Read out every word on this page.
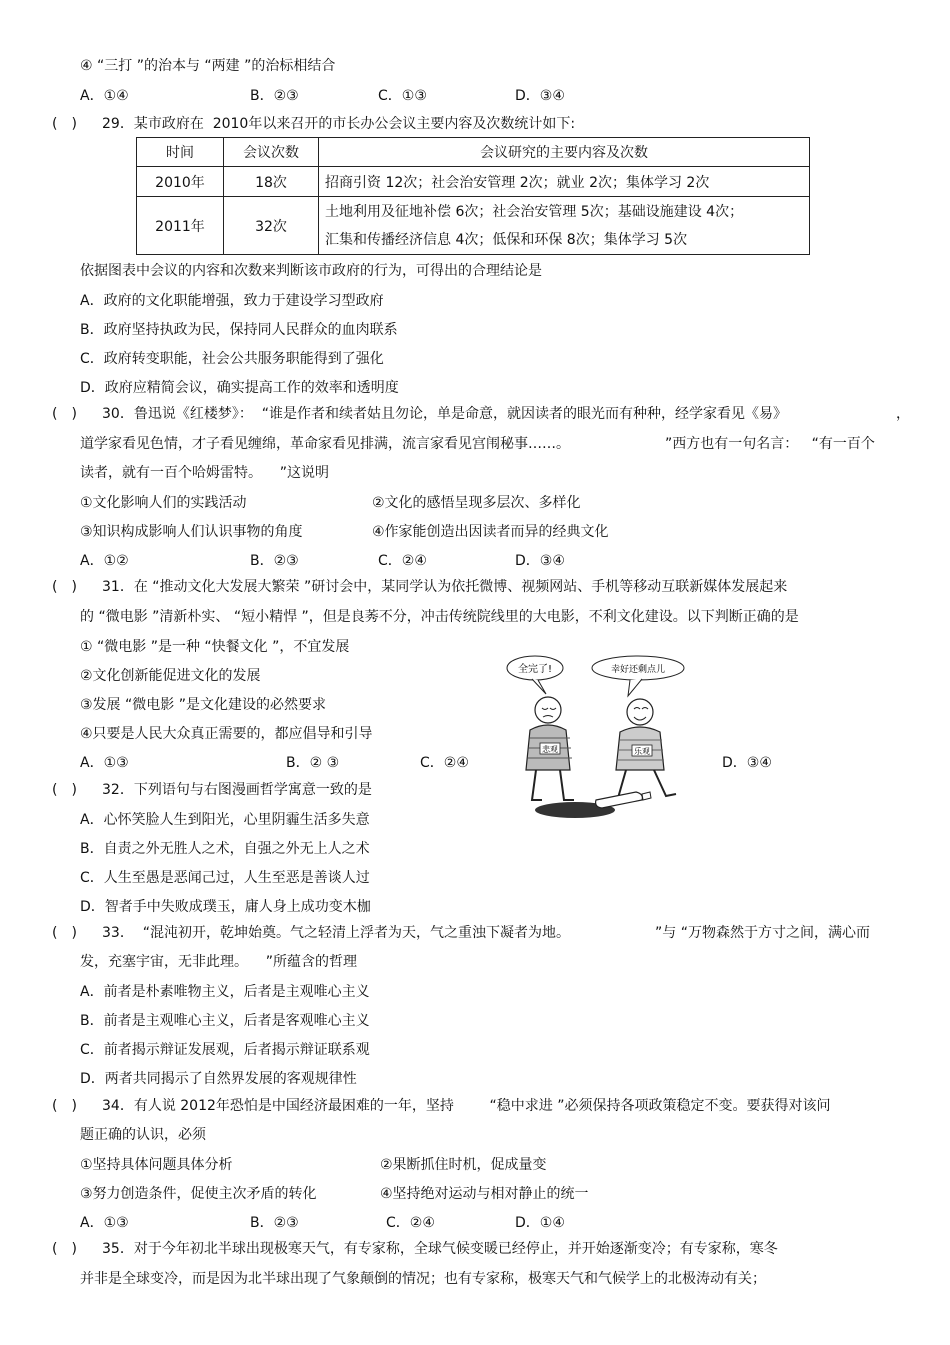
④ “三打 ”的治本与 “两建 ”的治标相结合
A．①④	B．②③	C．①③	D．③④
(　) 29．某市政府在  2010年以来召开的市长办公会议主要内容及次数统计如下:
时间	会议次数	会议研究的主要内容及次数
2010年	18次	招商引资 12次；社会治安管理 2次；就业 2次；集体学习 2次
2011年	32次	土地利用及征地补偿 6次；社会治安管理 5次；基础设施建设 4次；
汇集和传播经济信息 4次；低保和环保 8次；集体学习 5次
依据图表中会议的内容和次数来判断该市政府的行为，可得出的合理结论是
A．政府的文化职能增强，致力于建设学习型政府
B．政府坚持执政为民，保持同人民群众的血肉联系
C．政府转变职能，社会公共服务职能得到了强化
D．政府应精简会议，确实提高工作的效率和透明度
(　) 30．鲁迅说《红楼梦》：  “谁是作者和续者姑且勿论，单是命意，就因读者的眼光而有种种，经学家看见《易》	，
道学家看见色情，才子看见缠绵，革命家看见排满，流言家看见宫闱秘事……。	”西方也有一句名言：   “有一百个
读者，就有一百个哈姆雷特。    ”这说明
①文化影响人们的实践活动	②文化的感悟呈现多层次、多样化
③知识构成影响人们认识事物的角度	④作家能创造出因读者而异的经典文化
A．①②	B．②③	C．②④	D．③④
(　) 31．在 “推动文化大发展大繁荣 ”研讨会中，某同学认为依托微博、视频网站、手机等移动互联新媒体发展起来
的 “微电影 ”清新朴实、 “短小精悍 ”，但是良莠不分，冲击传统院线里的大电影，不利文化建设。以下判断正确的是
① “微电影 ”是一种 “快餐文化 ”，不宜发展
②文化创新能促进文化的发展
③发展 “微电影 ”是文化建设的必然要求
④只要是人民大众真正需要的，都应倡导和引导
A．①③	B．② ③	C．②④	D．③④
全完了!	幸好还剩点儿
悲观	乐观
(　) 32．下列语句与右图漫画哲学寓意一致的是
A．心怀笑脸人生到阳光，心里阴霾生活多失意
B．自责之外无胜人之术，自强之外无上人之术
C．人生至愚是恶闻己过，人生至恶是善谈人过
D．智者手中失败成璞玉，庸人身上成功变木枷
(　) 33．  “混沌初开，乾坤始奠。气之轻清上浮者为天，气之重浊下凝者为地。	”与 “万物森然于方寸之间，满心而
发，充塞宇宙，无非此理。    ”所蕴含的哲理
A．前者是朴素唯物主义，后者是主观唯心主义
B．前者是主观唯心主义，后者是客观唯心主义
C．前者揭示辩证发展观，后者揭示辩证联系观
D．两者共同揭示了自然界发展的客观规律性
(　) 34．有人说 2012年恐怕是中国经济最困难的一年，坚持        “稳中求进 ”必须保持各项政策稳定不变。要获得对该问
题正确的认识，必须
①坚持具体问题具体分析	②果断抓住时机，促成量变
③努力创造条件，促使主次矛盾的转化	④坚持绝对运动与相对静止的统一
A．①③	B．②③	C．②④	D．①④
(　) 35．对于今年初北半球出现极寒天气，有专家称，全球气候变暖已经停止，并开始逐渐变冷；有专家称，寒冬
并非是全球变冷，而是因为北半球出现了气象颠倒的情况；也有专家称，极寒天气和气候学上的北极涛动有关；
